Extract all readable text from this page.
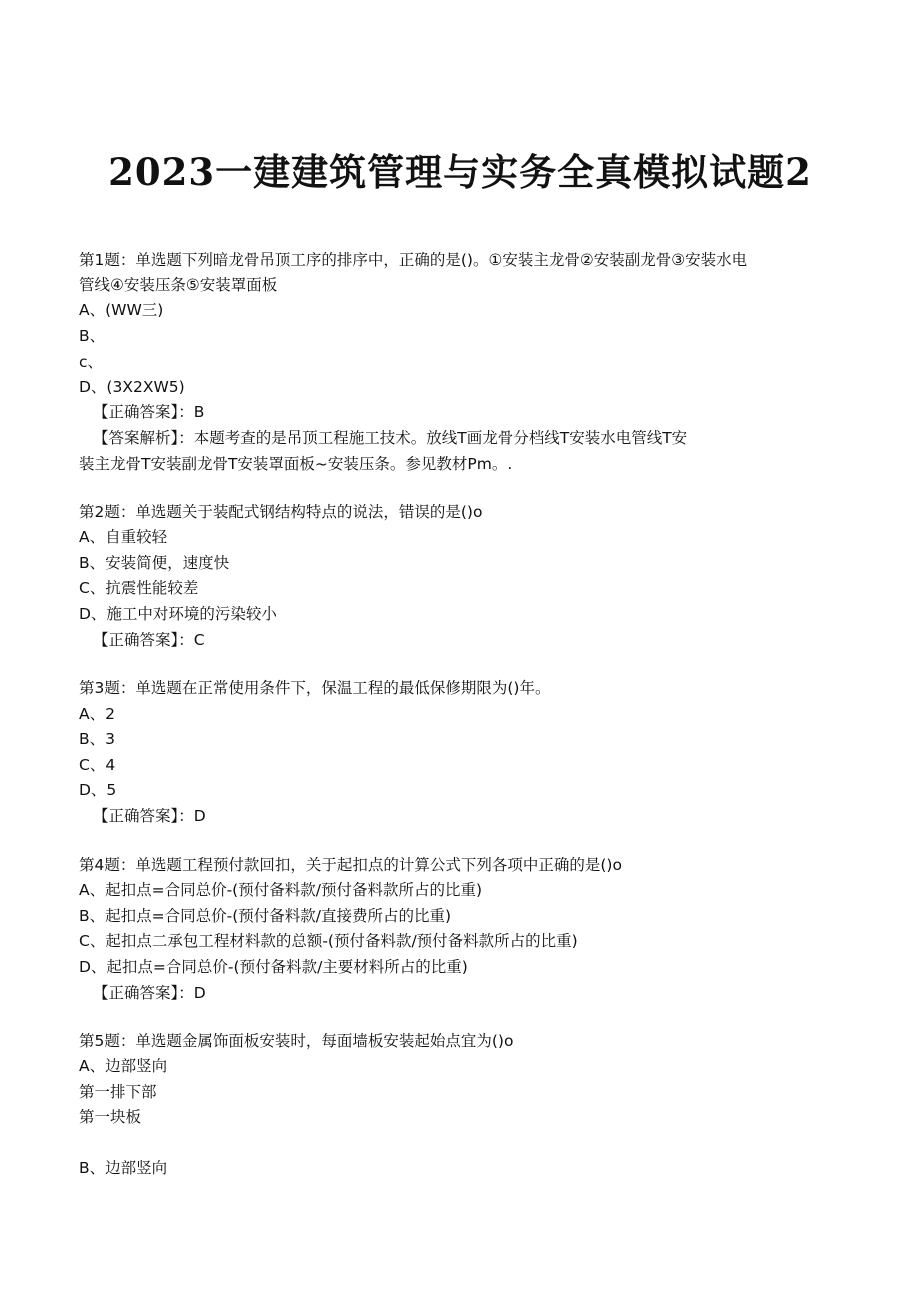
2023一建建筑管理与实务全真模拟试题2
第1题：单选题下列暗龙骨吊顶工序的排序中，正确的是()。①安装主龙骨②安装副龙骨③安装水电
管线④安装压条⑤安装罩面板
A、(WW三)
B、
c、
D、(3X2XW5)
【正确答案】：B
【答案解析】：本题考查的是吊顶工程施工技术。放线T画龙骨分档线T安装水电管线T安
装主龙骨T安装副龙骨T安装罩面板~安装压条。参见教材Pm。.
第2题：单选题关于装配式钢结构特点的说法，错误的是()o
A、自重较轻
B、安装简便，速度快
C、抗震性能较差
D、施工中对环境的污染较小
【正确答案】：C
第3题：单选题在正常使用条件下，保温工程的最低保修期限为()年。
A、2
B、3
C、4
D、5
【正确答案】：D
第4题：单选题工程预付款回扣，关于起扣点的计算公式下列各项中正确的是()o
A、起扣点=合同总价-(预付备料款/预付备料款所占的比重)
B、起扣点=合同总价-(预付备料款/直接费所占的比重)
C、起扣点二承包工程材料款的总额-(预付备料款/预付备料款所占的比重)
D、起扣点=合同总价-(预付备料款/主要材料所占的比重)
【正确答案】：D
第5题：单选题金属饰面板安装时，每面墙板安装起始点宜为()o
A、边部竖向
第一排下部
第一块板
B、边部竖向
